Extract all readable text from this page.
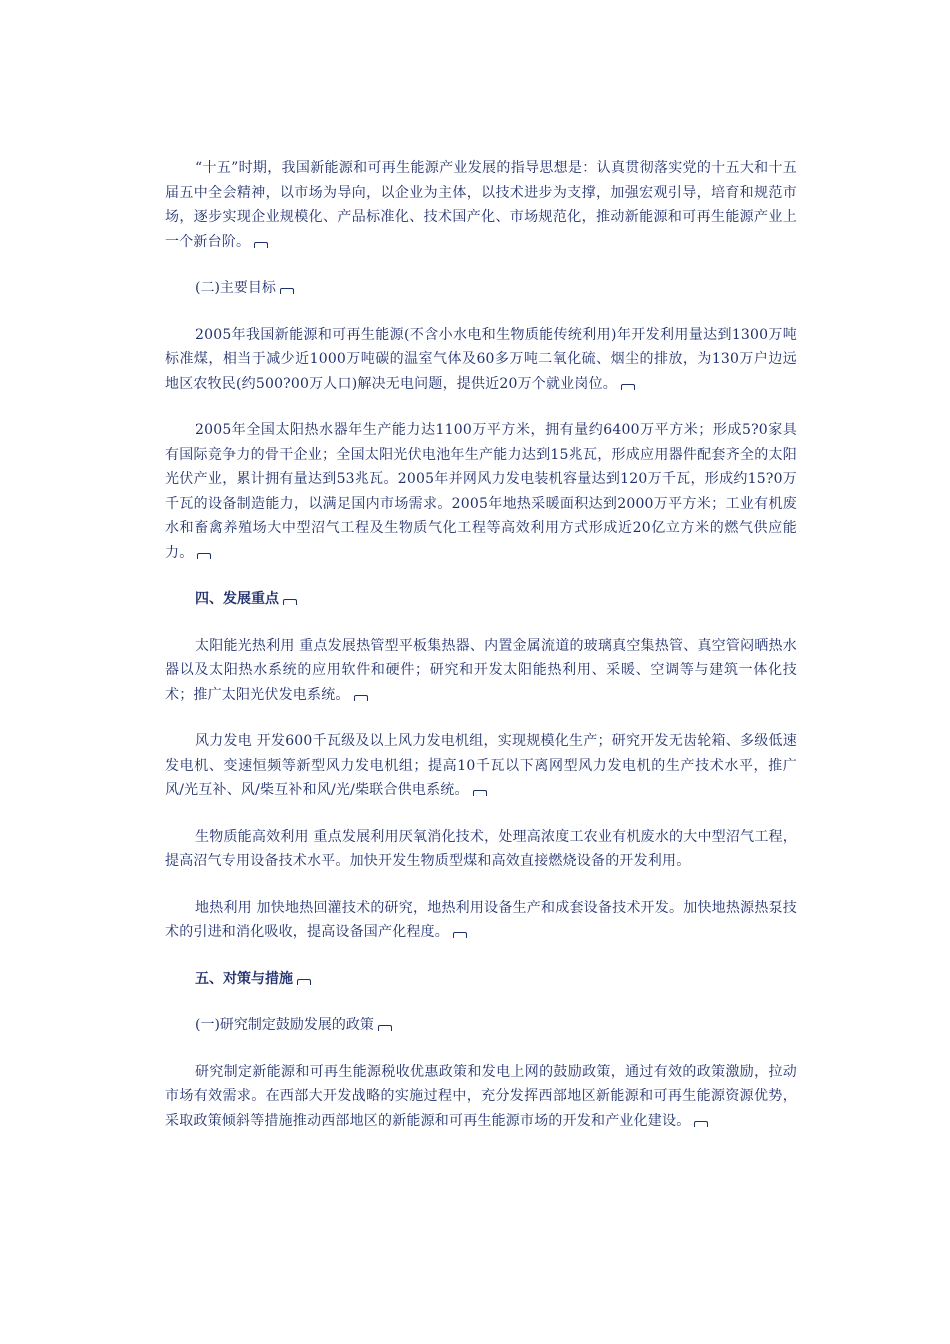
“十五”时期，我国新能源和可再生能源产业发展的指导思想是：认真贯彻落实党的十五大和十五届五中全会精神，以市场为导向，以企业为主体，以技术进步为支撑，加强宏观引导，培育和规范市场，逐步实现企业规模化、产品标准化、技术国产化、市场规范化，推动新能源和可再生能源产业上一个新台阶。

(二)主要目标

2005年我国新能源和可再生能源(不含小水电和生物质能传统利用)年开发利用量达到1300万吨标准煤，相当于减少近1000万吨碳的温室气体及60多万吨二氧化硫、烟尘的排放，为130万户边远地区农牧民(约500?00万人口)解决无电问题，提供近20万个就业岗位。

2005年全国太阳热水器年生产能力达1100万平方米，拥有量约6400万平方米；形成5?0家具有国际竞争力的骨干企业；全国太阳光伏电池年生产能力达到15兆瓦，形成应用器件配套齐全的太阳光伏产业，累计拥有量达到53兆瓦。2005年并网风力发电装机容量达到120万千瓦，形成约15?0万千瓦的设备制造能力，以满足国内市场需求。2005年地热采暖面积达到2000万平方米；工业有机废水和畜禽养殖场大中型沼气工程及生物质气化工程等高效利用方式形成近20亿立方米的燃气供应能力。

四、发展重点

太阳能光热利用 重点发展热管型平板集热器、内置金属流道的玻璃真空集热管、真空管闷晒热水器以及太阳热水系统的应用软件和硬件；研究和开发太阳能热利用、采暖、空调等与建筑一体化技术；推广太阳光伏发电系统。

风力发电 开发600千瓦级及以上风力发电机组，实现规模化生产；研究开发无齿轮箱、多级低速发电机、变速恒频等新型风力发电机组；提高10千瓦以下离网型风力发电机的生产技术水平，推广风/光互补、风/柴互补和风/光/柴联合供电系统。

生物质能高效利用 重点发展利用厌氧消化技术，处理高浓度工农业有机废水的大中型沼气工程，提高沼气专用设备技术水平。加快开发生物质型煤和高效直接燃烧设备的开发利用。

地热利用 加快地热回灌技术的研究，地热利用设备生产和成套设备技术开发。加快地热源热泵技术的引进和消化吸收，提高设备国产化程度。

五、对策与措施

(一)研究制定鼓励发展的政策

研究制定新能源和可再生能源税收优惠政策和发电上网的鼓励政策，通过有效的政策激励，拉动市场有效需求。在西部大开发战略的实施过程中，充分发挥西部地区新能源和可再生能源资源优势，采取政策倾斜等措施推动西部地区的新能源和可再生能源市场的开发和产业化建设。
